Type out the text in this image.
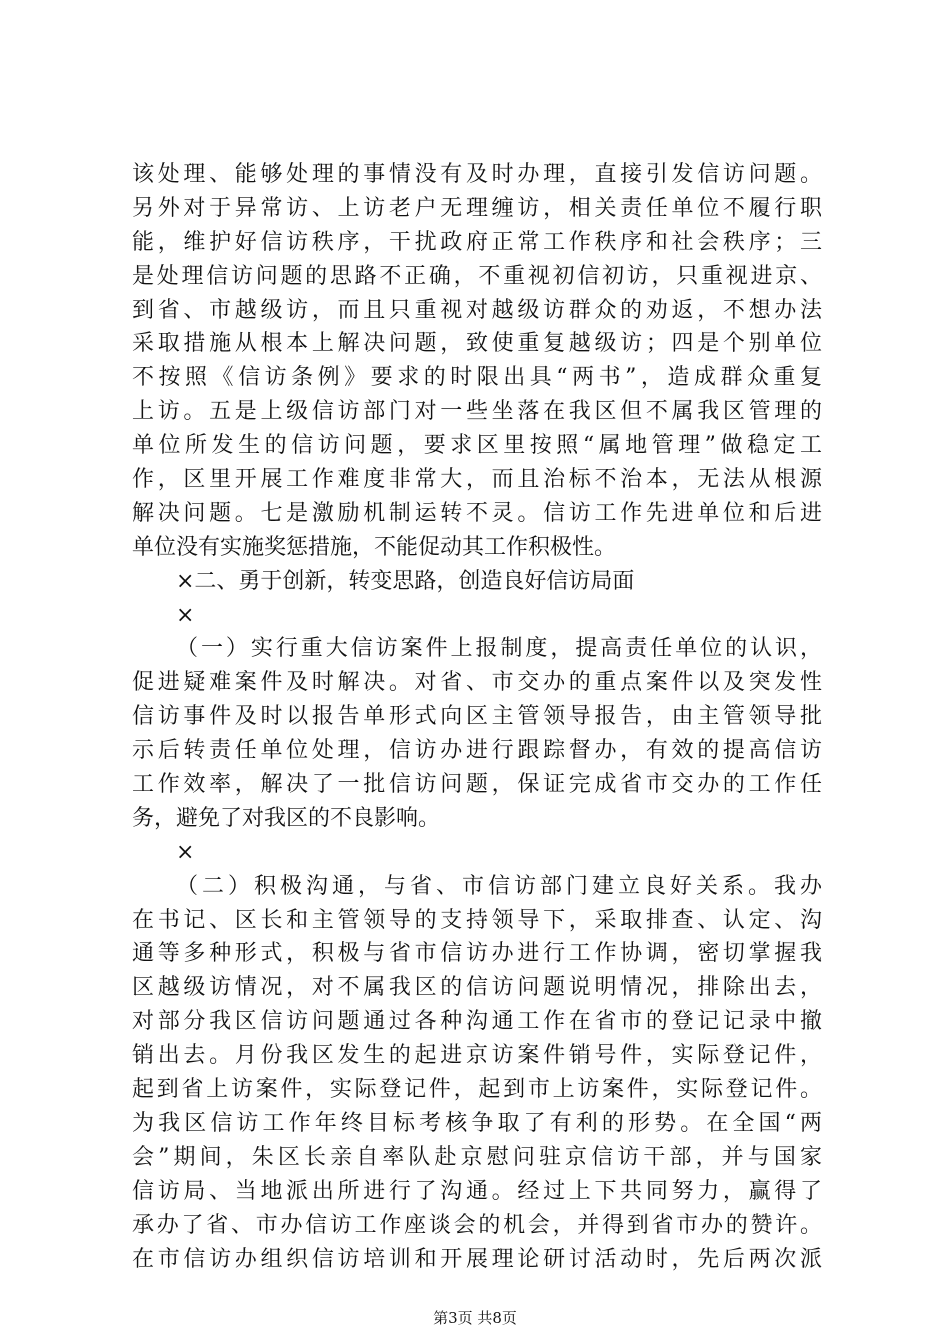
该处理、能够处理的事情没有及时办理，直接引发信访问题。
另外对于异常访、上访老户无理缠访，相关责任单位不履行职
能，维护好信访秩序，干扰政府正常工作秩序和社会秩序；三
是处理信访问题的思路不正确，不重视初信初访，只重视进京、
到省、市越级访，而且只重视对越级访群众的劝返，不想办法
采取措施从根本上解决问题，致使重复越级访；四是个别单位
不按照《信访条例》要求的时限出具“两书”，造成群众重复
上访。五是上级信访部门对一些坐落在我区但不属我区管理的
单位所发生的信访问题，要求区里按照“属地管理”做稳定工
作，区里开展工作难度非常大，而且治标不治本，无法从根源
解决问题。七是激励机制运转不灵。信访工作先进单位和后进
单位没有实施奖惩措施，不能促动其工作积极性。
×二、勇于创新，转变思路，创造良好信访局面
×
（一）实行重大信访案件上报制度，提高责任单位的认识，
促进疑难案件及时解决。对省、市交办的重点案件以及突发性
信访事件及时以报告单形式向区主管领导报告，由主管领导批
示后转责任单位处理，信访办进行跟踪督办，有效的提高信访
工作效率，解决了一批信访问题，保证完成省市交办的工作任
务，避免了对我区的不良影响。
×
（二）积极沟通，与省、市信访部门建立良好关系。我办
在书记、区长和主管领导的支持领导下，采取排查、认定、沟
通等多种形式，积极与省市信访办进行工作协调，密切掌握我
区越级访情况，对不属我区的信访问题说明情况，排除出去，
对部分我区信访问题通过各种沟通工作在省市的登记记录中撤
销出去。月份我区发生的起进京访案件销号件，实际登记件，
起到省上访案件，实际登记件，起到市上访案件，实际登记件。
为我区信访工作年终目标考核争取了有利的形势。在全国“两
会”期间，朱区长亲自率队赴京慰问驻京信访干部，并与国家
信访局、当地派出所进行了沟通。经过上下共同努力，赢得了
承办了省、市办信访工作座谈会的机会，并得到省市办的赞许。
在市信访办组织信访培训和开展理论研讨活动时，先后两次派
第3页 共8页
